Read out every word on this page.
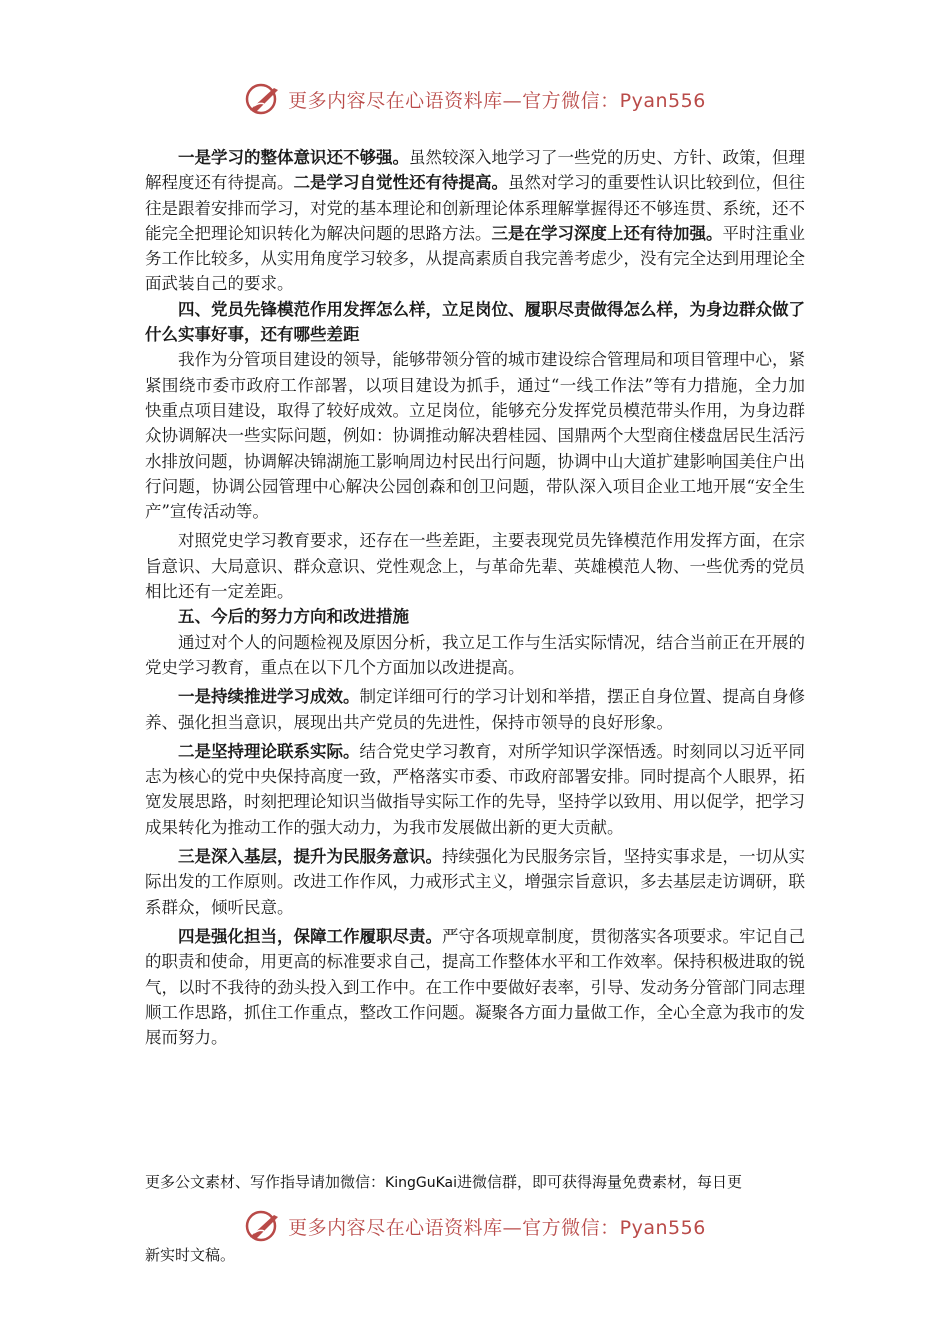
更多内容尽在心语资料库—官方微信：Pyan556

一是学习的整体意识还不够强。虽然较深入地学习了一些党的历史、方针、政策，但理解程度还有待提高。二是学习自觉性还有待提高。虽然对学习的重要性认识比较到位，但往往是跟着安排而学习，对党的基本理论和创新理论体系理解掌握得还不够连贯、系统，还不能完全把理论知识转化为解决问题的思路方法。三是在学习深度上还有待加强。平时注重业务工作比较多，从实用角度学习较多，从提高素质自我完善考虑少，没有完全达到用理论全面武装自己的要求。

四、党员先锋模范作用发挥怎么样，立足岗位、履职尽责做得怎么样，为身边群众做了什么实事好事，还有哪些差距

我作为分管项目建设的领导，能够带领分管的城市建设综合管理局和项目管理中心，紧紧围绕市委市政府工作部署，以项目建设为抓手，通过“一线工作法”等有力措施，全力加快重点项目建设，取得了较好成效。立足岗位，能够充分发挥党员模范带头作用，为身边群众协调解决一些实际问题，例如：协调推动解决碧桂园、国鼎两个大型商住楼盘居民生活污水排放问题，协调解决锦湖施工影响周边村民出行问题，协调中山大道扩建影响国美住户出行问题，协调公园管理中心解决公园创森和创卫问题，带队深入项目企业工地开展“安全生产”宣传活动等。

对照党史学习教育要求，还存在一些差距，主要表现党员先锋模范作用发挥方面，在宗旨意识、大局意识、群众意识、党性观念上，与革命先辈、英雄模范人物、一些优秀的党员相比还有一定差距。

五、今后的努力方向和改进措施

通过对个人的问题检视及原因分析，我立足工作与生活实际情况，结合当前正在开展的党史学习教育，重点在以下几个方面加以改进提高。

一是持续推进学习成效。制定详细可行的学习计划和举措，摆正自身位置、提高自身修养、强化担当意识，展现出共产党员的先进性，保持市领导的良好形象。

二是坚持理论联系实际。结合党史学习教育，对所学知识学深悟透。时刻同以习近平同志为核心的党中央保持高度一致，严格落实市委、市政府部署安排。同时提高个人眼界，拓宽发展思路，时刻把理论知识当做指导实际工作的先导，坚持学以致用、用以促学，把学习成果转化为推动工作的强大动力，为我市发展做出新的更大贡献。

三是深入基层，提升为民服务意识。持续强化为民服务宗旨，坚持实事求是，一切从实际出发的工作原则。改进工作作风，力戒形式主义，增强宗旨意识，多去基层走访调研，联系群众，倾听民意。

四是强化担当，保障工作履职尽责。严守各项规章制度，贯彻落实各项要求。牢记自己的职责和使命，用更高的标准要求自己，提高工作整体水平和工作效率。保持积极进取的锐气，以时不我待的劲头投入到工作中。在工作中要做好表率，引导、发动务分管部门同志理顺工作思路，抓住工作重点，整改工作问题。凝聚各方面力量做工作，全心全意为我市的发展而努力。

更多公文素材、写作指导请加微信：KingGuKai进微信群，即可获得海量免费素材，每日更
更多内容尽在心语资料库—官方微信：Pyan556
新实时文稿。
